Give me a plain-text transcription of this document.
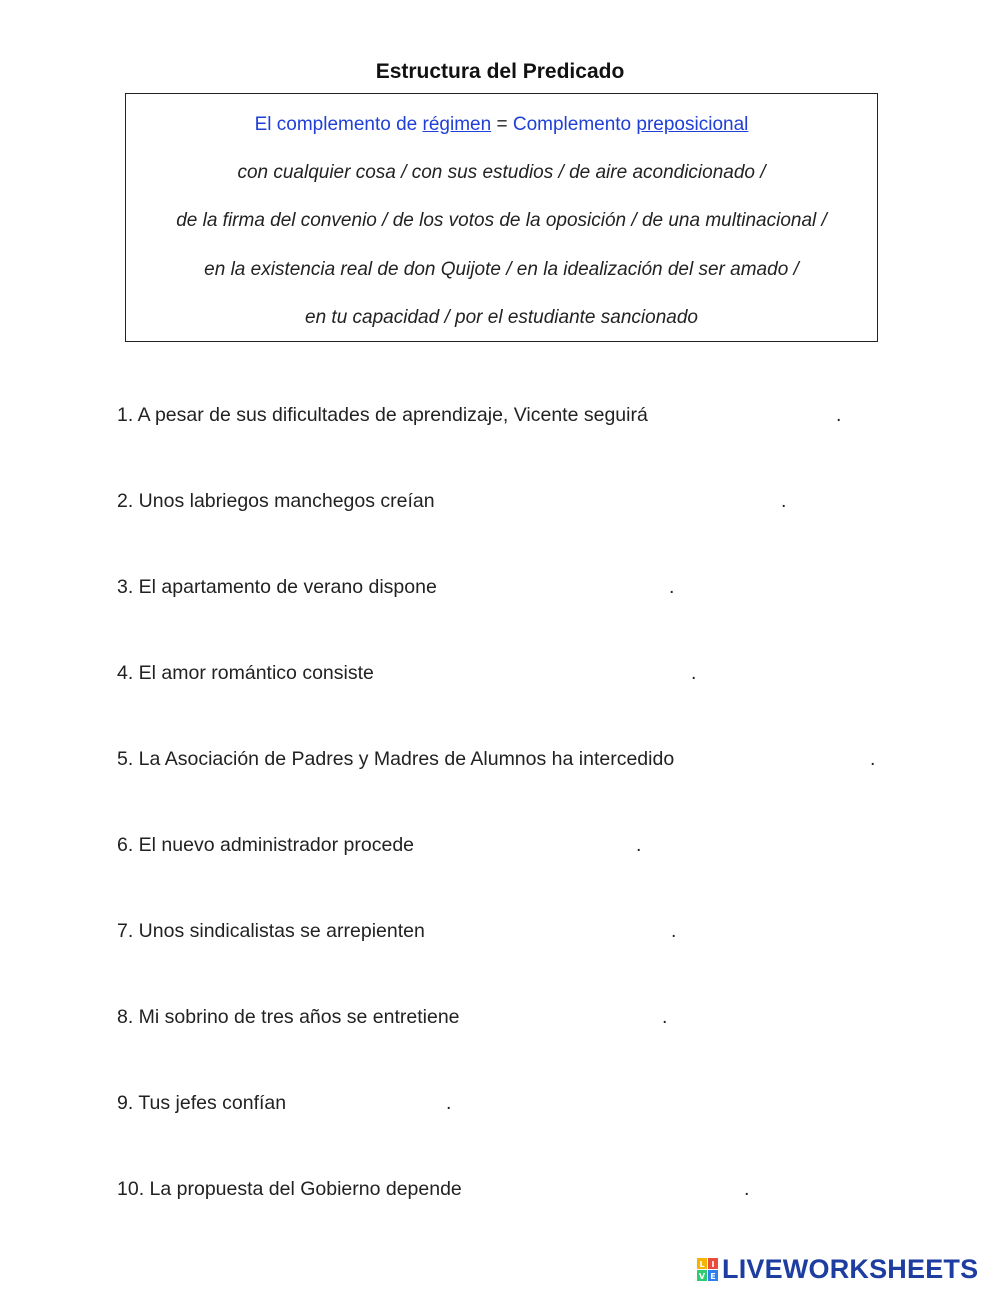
Estructura del Predicado
El complemento de régimen = Complemento preposicional
con cualquier cosa / con sus estudios / de aire acondicionado /
de la firma del convenio / de los votos de la oposición / de una multinacional /
en la existencia real de don Quijote / en la idealización del ser amado /
en tu capacidad / por el estudiante sancionado
1. A pesar de sus dificultades de aprendizaje, Vicente seguirá	.
2. Unos labriegos manchegos creían	.
3. El apartamento de verano dispone	.
4. El amor romántico consiste	.
5. La Asociación de Padres y Madres de Alumnos ha intercedido	.
6. El nuevo administrador procede	.
7. Unos sindicalistas se arrepienten	.
8. Mi sobrino de tres años se entretiene	.
9. Tus jefes confían	.
10. La propuesta del Gobierno depende	.
L I
V E LIVEWORKSHEETS
